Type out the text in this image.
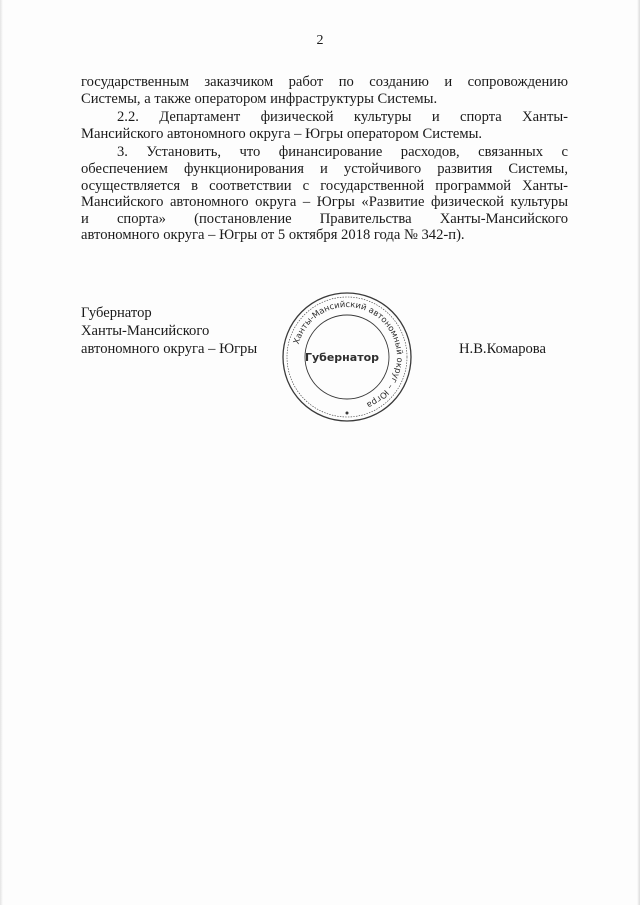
2
государственным заказчиком работ по созданию и сопровождению
Системы, а также оператором инфраструктуры Системы.
2.2. Департамент физической культуры и спорта Ханты-
Мансийского автономного округа – Югры оператором Системы.
3. Установить, что финансирование расходов, связанных с
обеспечением функционирования и устойчивого развития Системы,
осуществляется в соответствии с государственной программой Ханты-
Мансийского автономного округа – Югры «Развитие физической культуры
и спорта» (постановление Правительства Ханты-Мансийского
автономного округа – Югры от 5 октября 2018 года № 342-п).
Губернатор
Ханты-Мансийского
автономного округа – Югры
Ханты-Мансийский автономный округ – Югра
Губернатор
Н.В.Комарова
